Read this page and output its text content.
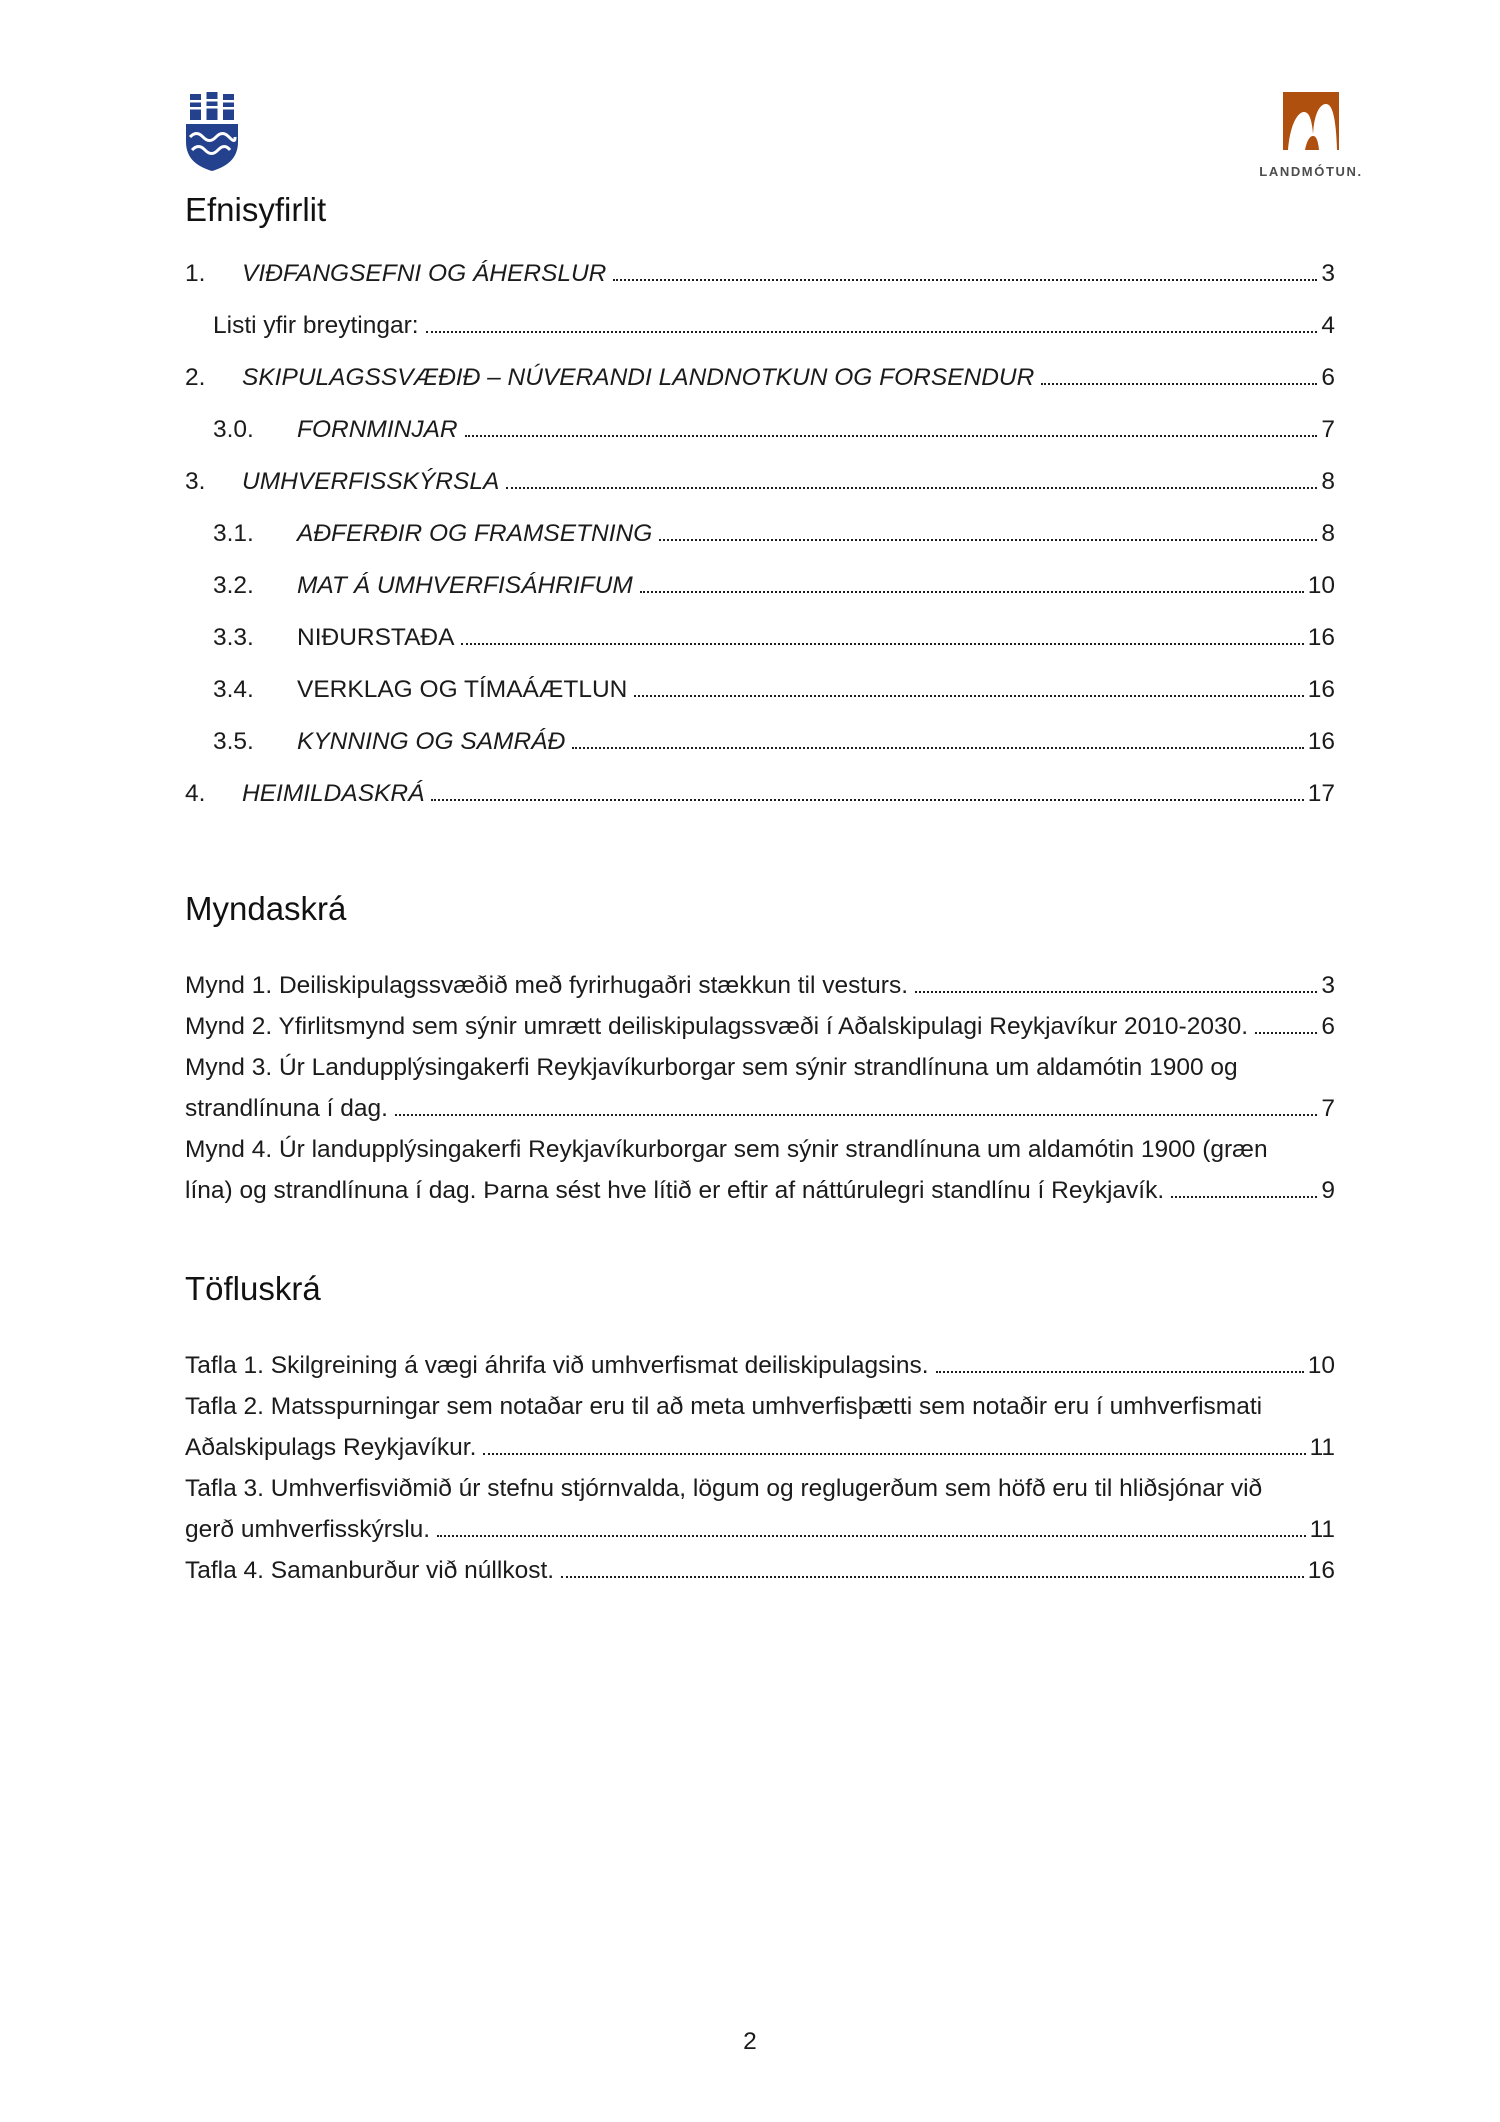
LANDMÓTUN.
Efnisyfirlit
1.	VIÐFANGSEFNI OG ÁHERSLUR	3
Listi yfir breytingar:	4
2.	SKIPULAGSSVÆÐIÐ – NÚVERANDI LANDNOTKUN OG FORSENDUR	6
3.0.	FORNMINJAR	7
3.	UMHVERFISSKÝRSLA	8
3.1.	AÐFERÐIR OG FRAMSETNING	8
3.2.	MAT Á UMHVERFISÁHRIFUM	10
3.3.	NIÐURSTAÐA	16
3.4.	VERKLAG OG TÍMAÁÆTLUN	16
3.5.	KYNNING OG SAMRÁÐ	16
4.	HEIMILDASKRÁ	17
Myndaskrá
Mynd 1. Deiliskipulagssvæðið með fyrirhugaðri stækkun til vesturs.	3
Mynd 2. Yfirlitsmynd sem sýnir umrætt deiliskipulagssvæði í Aðalskipulagi Reykjavíkur 2010-2030.	6
Mynd 3. Úr Landupplýsingakerfi Reykjavíkurborgar sem sýnir strandlínuna um aldamótin 1900 og
strandlínuna í dag.	7
Mynd 4. Úr landupplýsingakerfi Reykjavíkurborgar sem sýnir strandlínuna um aldamótin 1900 (græn
lína) og strandlínuna í dag. Þarna sést hve lítið er eftir af náttúrulegri standlínu í Reykjavík.	9
Töfluskrá
Tafla 1. Skilgreining á vægi áhrifa við umhverfismat deiliskipulagsins.	10
Tafla 2. Matsspurningar sem notaðar eru til að meta umhverfisþætti sem notaðir eru í umhverfismati
Aðalskipulags Reykjavíkur.	11
Tafla 3. Umhverfisviðmið úr stefnu stjórnvalda, lögum og reglugerðum sem höfð eru til hliðsjónar við
gerð umhverfisskýrslu.	11
Tafla 4. Samanburður við núllkost.	16
2
